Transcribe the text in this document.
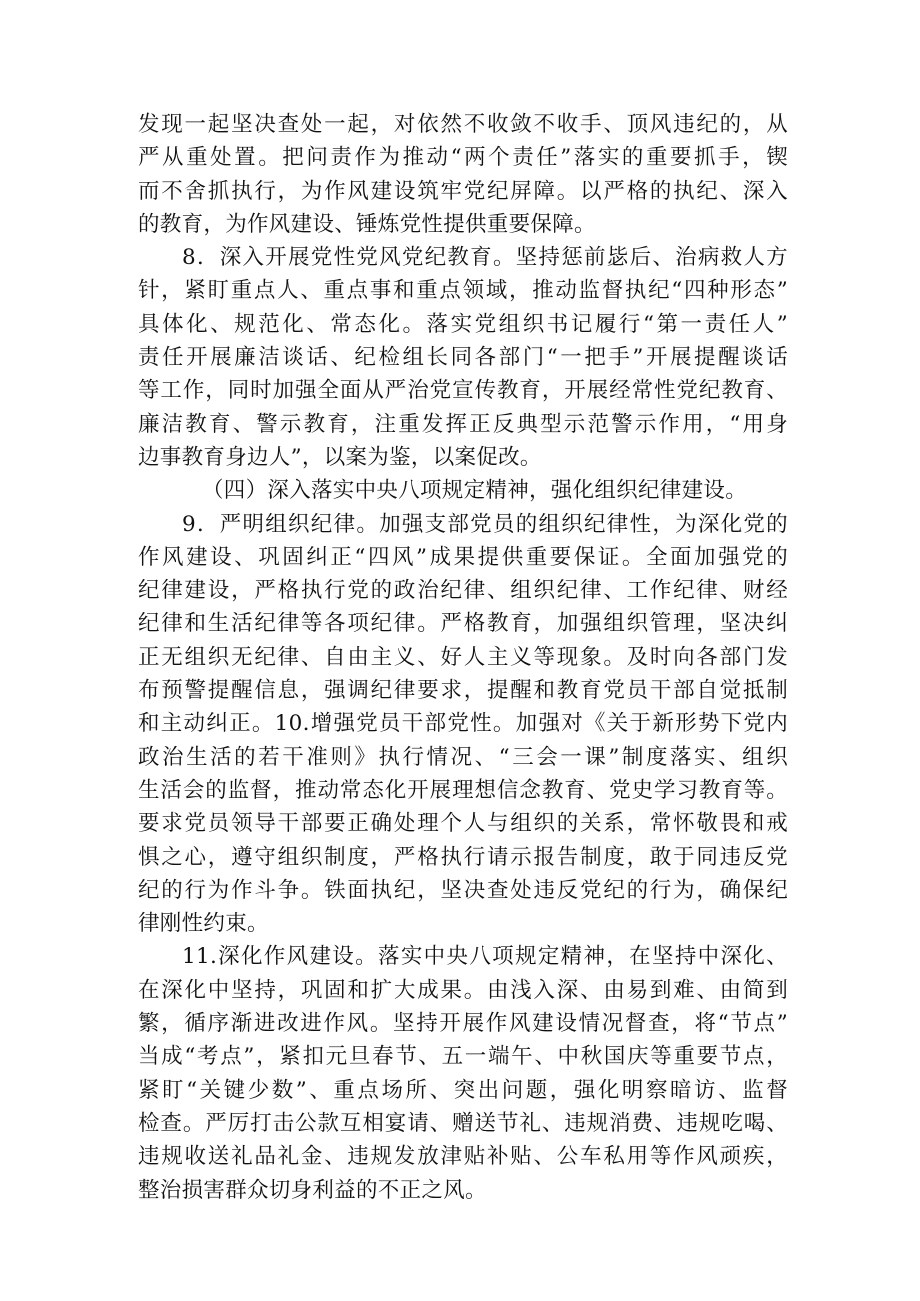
发现一起坚决查处一起，对依然不收敛不收手、顶风违纪的，从
严从重处置。把问责作为推动“两个责任”落实的重要抓手，锲
而不舍抓执行，为作风建设筑牢党纪屏障。以严格的执纪、深入
的教育，为作风建设、锤炼党性提供重要保障。
8．深入开展党性党风党纪教育。坚持惩前毖后、治病救人方
针，紧盯重点人、重点事和重点领域，推动监督执纪“四种形态”
具体化、规范化、常态化。落实党组织书记履行“第一责任人”
责任开展廉洁谈话、纪检组长同各部门“一把手”开展提醒谈话
等工作，同时加强全面从严治党宣传教育，开展经常性党纪教育、
廉洁教育、警示教育，注重发挥正反典型示范警示作用，“用身
边事教育身边人”，以案为鉴，以案促改。
（四）深入落实中央八项规定精神，强化组织纪律建设。
9．严明组织纪律。加强支部党员的组织纪律性，为深化党的
作风建设、巩固纠正“四风”成果提供重要保证。全面加强党的
纪律建设，严格执行党的政治纪律、组织纪律、工作纪律、财经
纪律和生活纪律等各项纪律。严格教育，加强组织管理，坚决纠
正无组织无纪律、自由主义、好人主义等现象。及时向各部门发
布预警提醒信息，强调纪律要求，提醒和教育党员干部自觉抵制
和主动纠正。10.增强党员干部党性。加强对《关于新形势下党内
政治生活的若干准则》执行情况、“三会一课”制度落实、组织
生活会的监督，推动常态化开展理想信念教育、党史学习教育等。
要求党员领导干部要正确处理个人与组织的关系，常怀敬畏和戒
惧之心，遵守组织制度，严格执行请示报告制度，敢于同违反党
纪的行为作斗争。铁面执纪，坚决查处违反党纪的行为，确保纪
律刚性约束。
11.深化作风建设。落实中央八项规定精神，在坚持中深化、
在深化中坚持，巩固和扩大成果。由浅入深、由易到难、由简到
繁，循序渐进改进作风。坚持开展作风建设情况督查，将“节点”
当成“考点”，紧扣元旦春节、五一端午、中秋国庆等重要节点，
紧盯“关键少数”、重点场所、突出问题，强化明察暗访、监督
检查。严厉打击公款互相宴请、赠送节礼、违规消费、违规吃喝、
违规收送礼品礼金、违规发放津贴补贴、公车私用等作风顽疾，
整治损害群众切身利益的不正之风。
